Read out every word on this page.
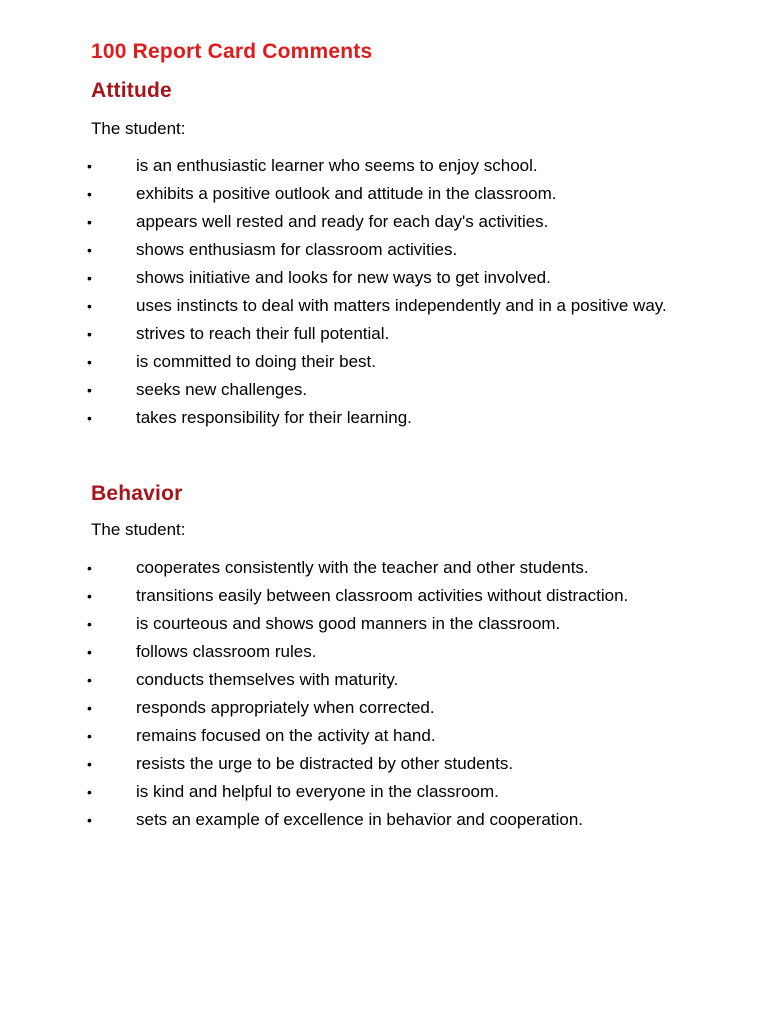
100 Report Card Comments
Attitude

The student:

•	is an enthusiastic learner who seems to enjoy school.
•	exhibits a positive outlook and attitude in the classroom.
•	appears well rested and ready for each day's activities.
•	shows enthusiasm for classroom activities.
•	shows initiative and looks for new ways to get involved.
•	uses instincts to deal with matters independently and in a positive way.
•	strives to reach their full potential.
•	is committed to doing their best.
•	seeks new challenges.
•	takes responsibility for their learning.
Behavior

The student:

•	cooperates consistently with the teacher and other students.
•	transitions easily between classroom activities without distraction.
•	is courteous and shows good manners in the classroom.
•	follows classroom rules.
•	conducts themselves with maturity.
•	responds appropriately when corrected.
•	remains focused on the activity at hand.
•	resists the urge to be distracted by other students.
•	is kind and helpful to everyone in the classroom.
•	sets an example of excellence in behavior and cooperation.
